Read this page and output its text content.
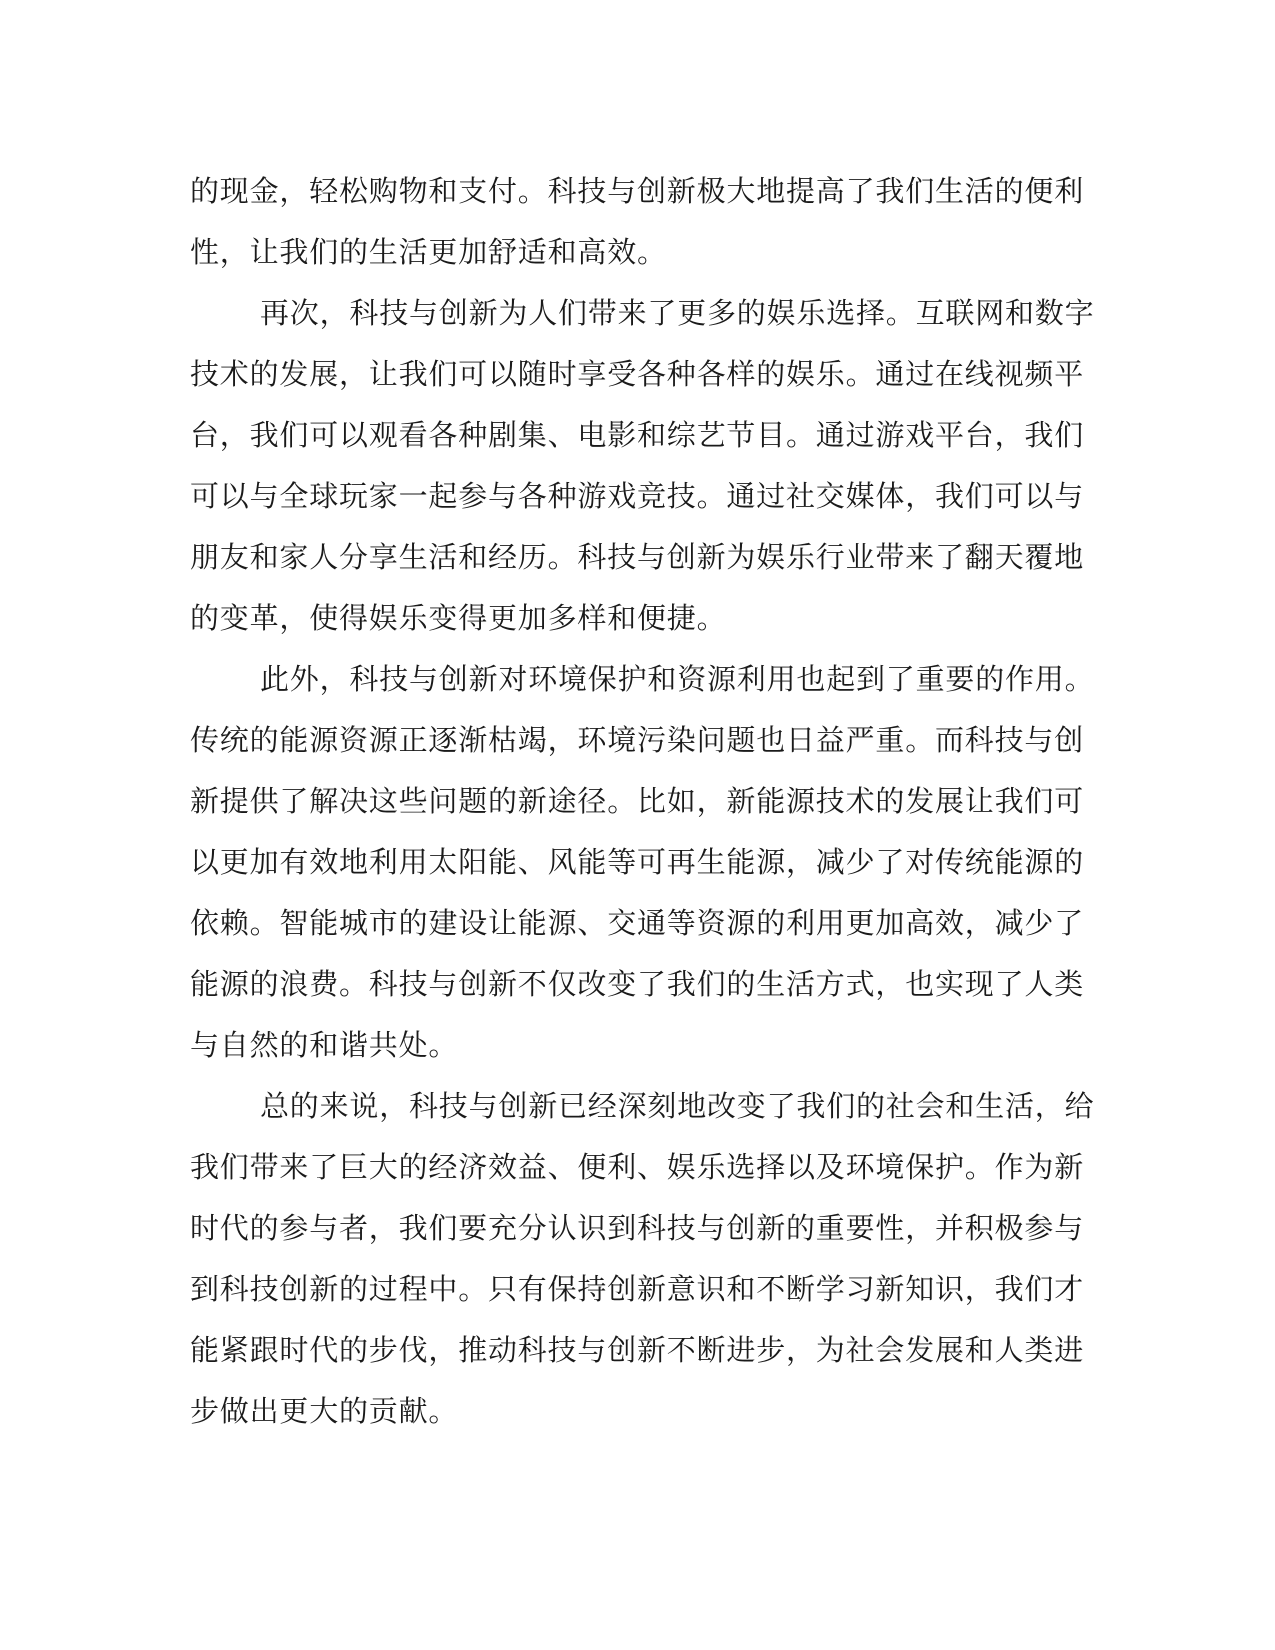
的现金，轻松购物和支付。科技与创新极大地提高了我们生活的便利
性，让我们的生活更加舒适和高效。
再次，科技与创新为人们带来了更多的娱乐选择。互联网和数字
技术的发展，让我们可以随时享受各种各样的娱乐。通过在线视频平
台，我们可以观看各种剧集、电影和综艺节目。通过游戏平台，我们
可以与全球玩家一起参与各种游戏竞技。通过社交媒体，我们可以与
朋友和家人分享生活和经历。科技与创新为娱乐行业带来了翻天覆地
的变革，使得娱乐变得更加多样和便捷。
此外，科技与创新对环境保护和资源利用也起到了重要的作用。
传统的能源资源正逐渐枯竭，环境污染问题也日益严重。而科技与创
新提供了解决这些问题的新途径。比如，新能源技术的发展让我们可
以更加有效地利用太阳能、风能等可再生能源，减少了对传统能源的
依赖。智能城市的建设让能源、交通等资源的利用更加高效，减少了
能源的浪费。科技与创新不仅改变了我们的生活方式，也实现了人类
与自然的和谐共处。
总的来说，科技与创新已经深刻地改变了我们的社会和生活，给
我们带来了巨大的经济效益、便利、娱乐选择以及环境保护。作为新
时代的参与者，我们要充分认识到科技与创新的重要性，并积极参与
到科技创新的过程中。只有保持创新意识和不断学习新知识，我们才
能紧跟时代的步伐，推动科技与创新不断进步，为社会发展和人类进
步做出更大的贡献。
